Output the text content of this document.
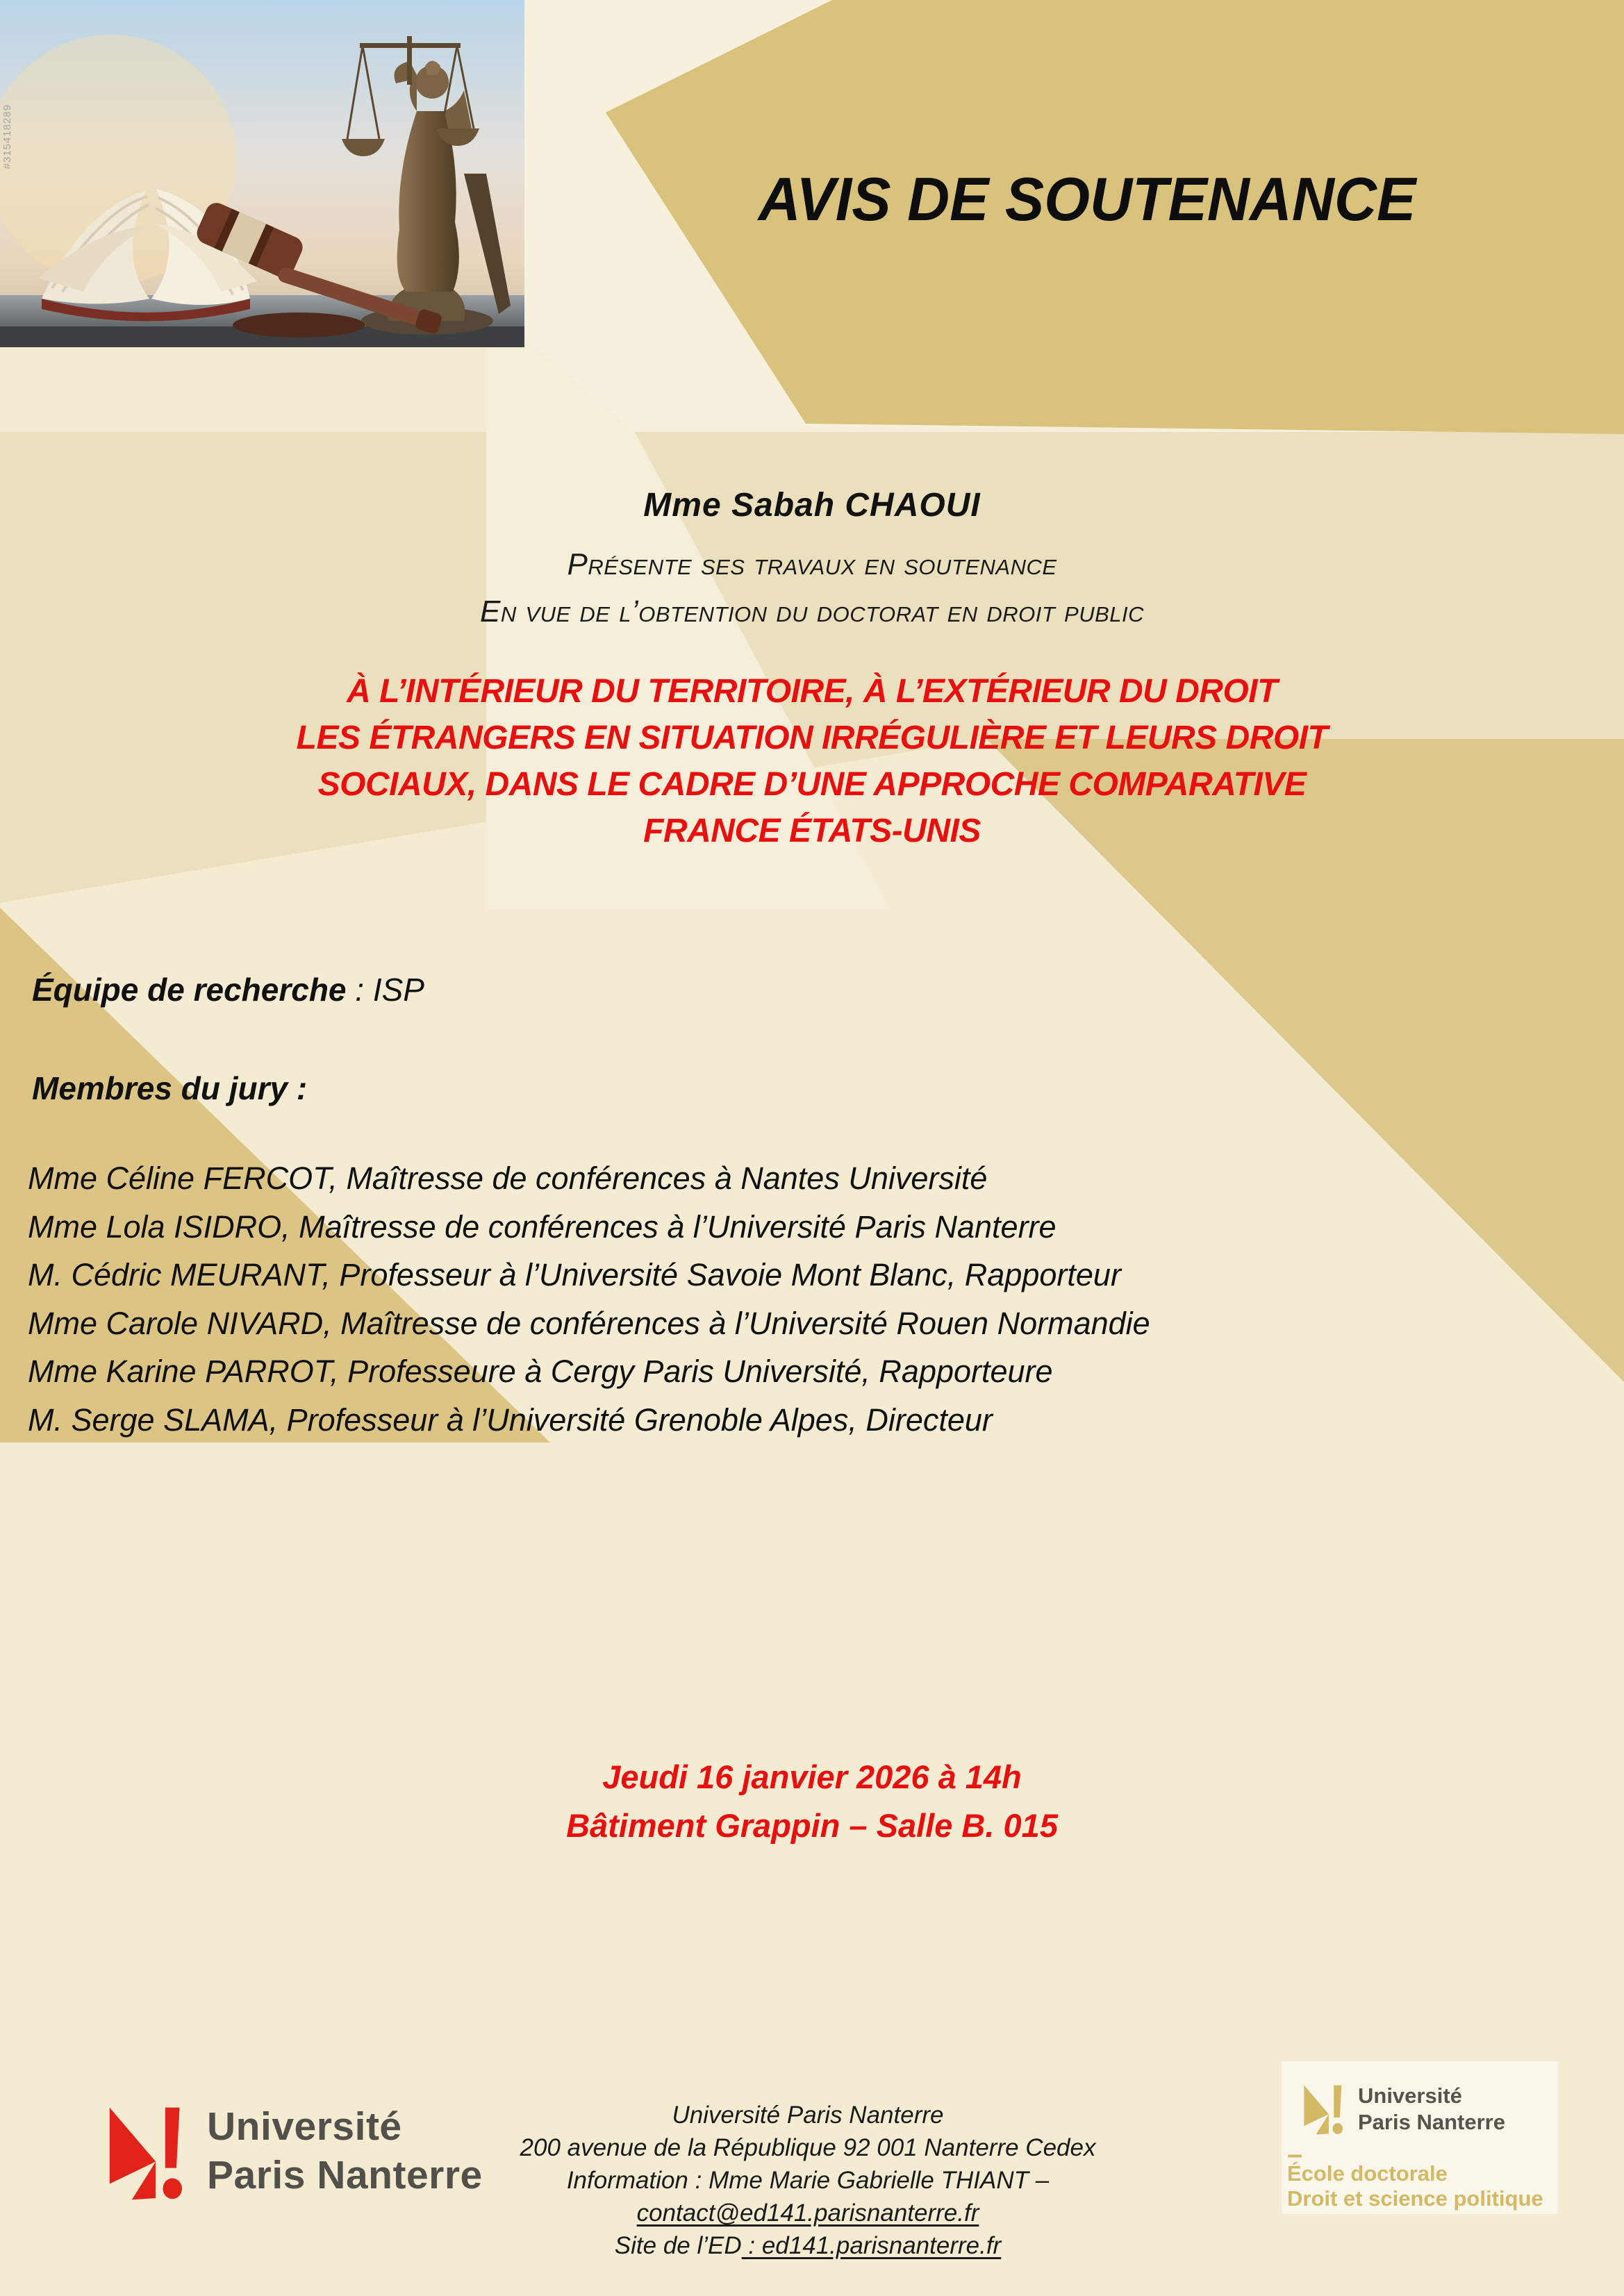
#315418289
AVIS DE SOUTENANCE
Mme Sabah CHAOUI
Présente ses travaux en soutenance
En vue de l’obtention du doctorat en droit public
À L’INTÉRIEUR DU TERRITOIRE, À L’EXTÉRIEUR DU DROIT
LES ÉTRANGERS EN SITUATION IRRÉGULIÈRE ET LEURS DROIT
SOCIAUX, DANS LE CADRE D’UNE APPROCHE COMPARATIVE
FRANCE ÉTATS-UNIS
Équipe de recherche : ISP
Membres du jury :
Mme Céline FERCOT, Maîtresse de conférences à Nantes Université
Mme Lola ISIDRO, Maîtresse de conférences à l’Université Paris Nanterre
M. Cédric MEURANT, Professeur à l’Université Savoie Mont Blanc, Rapporteur
Mme Carole NIVARD, Maîtresse de conférences à l’Université Rouen Normandie
Mme Karine PARROT, Professeure à Cergy Paris Université, Rapporteure
M. Serge SLAMA, Professeur à l’Université Grenoble Alpes, Directeur
Jeudi 16 janvier 2026 à 14h
Bâtiment Grappin – Salle B. 015
Université Paris Nanterre
200 avenue de la République 92 001 Nanterre Cedex
Information : Mme Marie Gabrielle THIANT –
contact@ed141.parisnanterre.fr
Site de l’ED : ed141.parisnanterre.fr
Université
Paris Nanterre
Université
Paris Nanterre
–
École doctorale
Droit et science politique
